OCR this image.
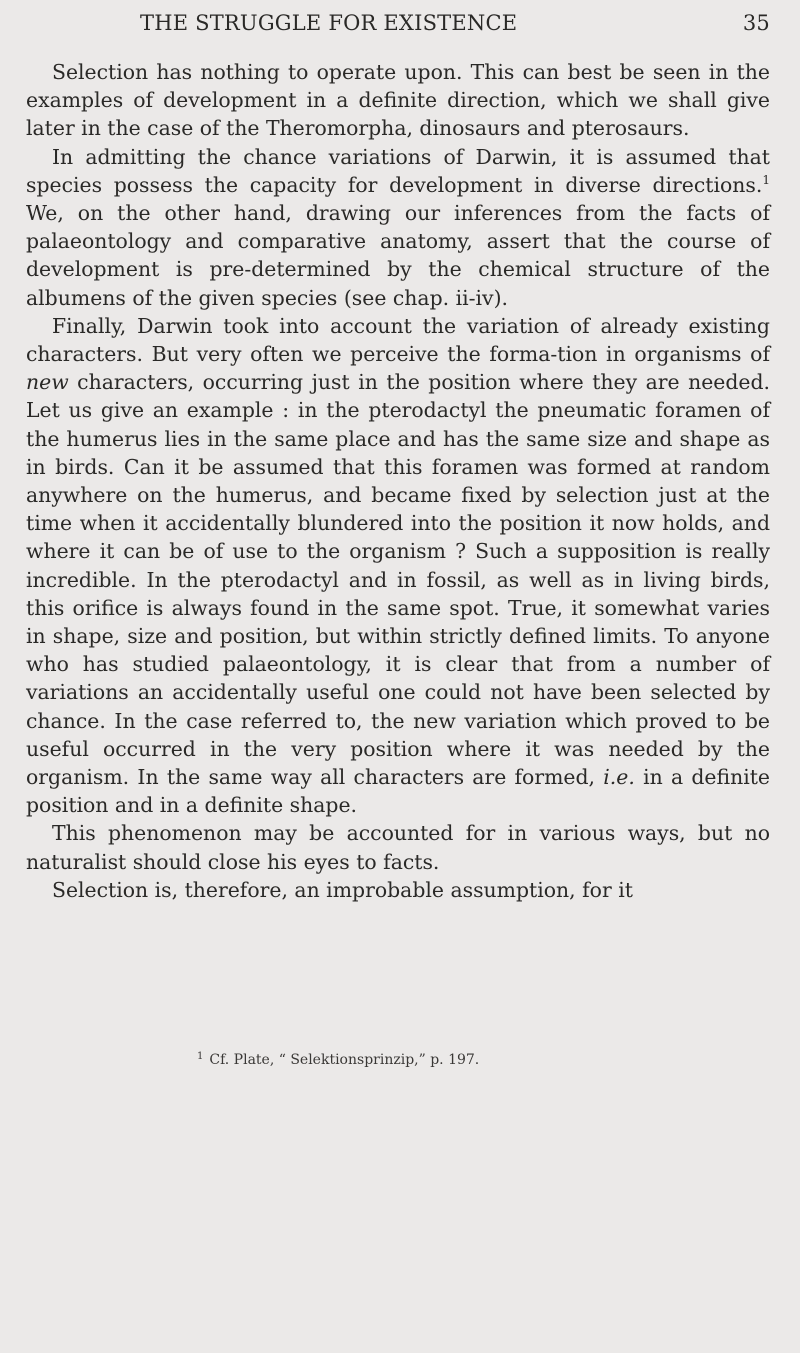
THE STRUGGLE FOR EXISTENCE	35

Selection has nothing to operate upon. This can best be seen in the examples of development in a definite direction, which we shall give later in the case of the Theromorpha, dinosaurs and pterosaurs.

In admitting the chance variations of Darwin, it is assumed that species possess the capacity for development in diverse directions.$^1$ We, on the other hand, drawing our inferences from the facts of palaeontology and comparative anatomy, assert that the course of development is pre-determined by the chemical structure of the albumens of the given species (see chap. ii-iv).

Finally, Darwin took into account the variation of already existing characters. But very often we perceive the forma-tion in organisms of new characters, occurring just in the position where they are needed. Let us give an example : in the pterodactyl the pneumatic foramen of the humerus lies in the same place and has the same size and shape as in birds. Can it be assumed that this foramen was formed at random anywhere on the humerus, and became fixed by selection just at the time when it accidentally blundered into the position it now holds, and where it can be of use to the organism ? Such a supposition is really incredible. In the pterodactyl and in fossil, as well as in living birds, this orifice is always found in the same spot. True, it somewhat varies in shape, size and position, but within strictly defined limits. To anyone who has studied palaeontology, it is clear that from a number of variations an accidentally useful one could not have been selected by chance. In the case referred to, the new variation which proved to be useful occurred in the very position where it was needed by the organism. In the same way all characters are formed, i.e. in a definite position and in a definite shape.

This phenomenon may be accounted for in various ways, but no naturalist should close his eyes to facts.

Selection is, therefore, an improbable assumption, for it

$^1$ Cf. Plate, “ Selektionsprinzip,” p. 197.
